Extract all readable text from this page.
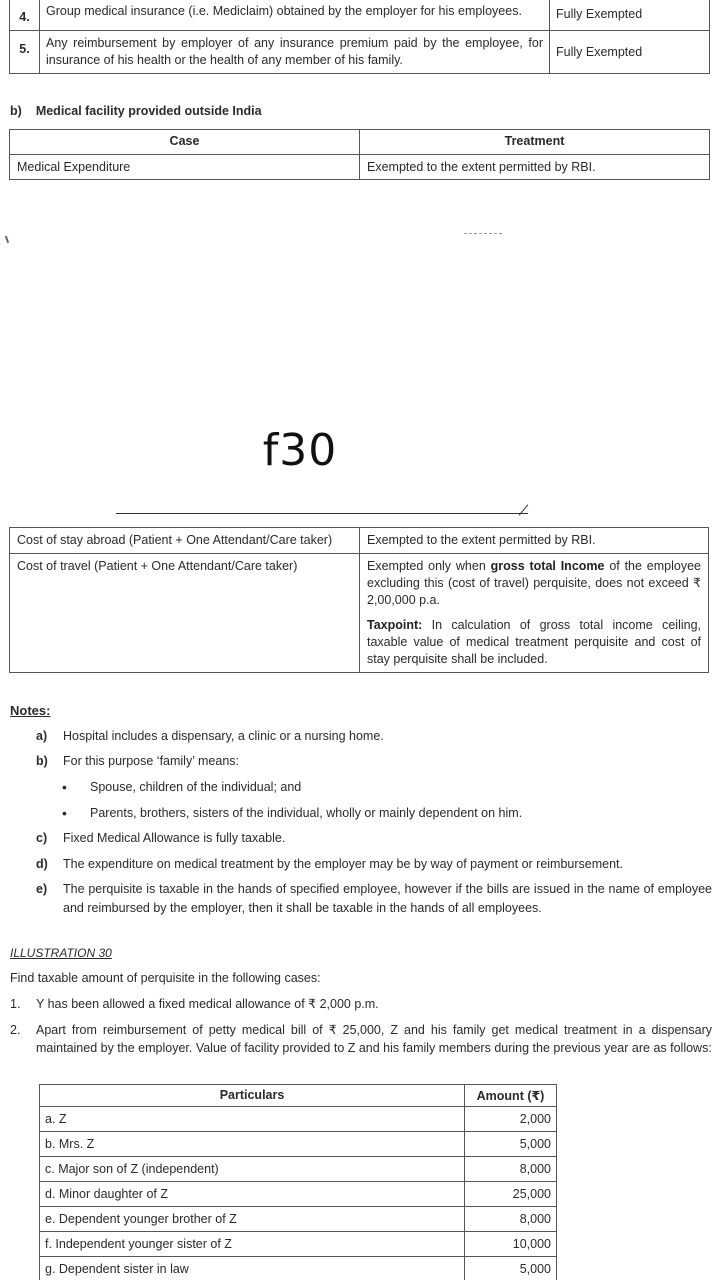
4.	Group medical insurance (i.e. Mediclaim) obtained by the employer for his employees.	Fully Exempted
5.	Any reimbursement by employer of any insurance premium paid by the employee, for insurance of his health or the health of any member of his family.	Fully Exempted
b) Medical facility provided outside India
Case	Treatment
Medical Expenditure	Exempted to the extent permitted by RBI.
f30
Cost of stay abroad (Patient + One Attendant/Care taker)	Exempted to the extent permitted by RBI.
Cost of travel (Patient + One Attendant/Care taker)	Exempted only when gross total Income of the employee excluding this (cost of travel) perquisite, does not exceed ₹ 2,00,000 p.a.
Taxpoint: In calculation of gross total income ceiling, taxable value of medical treatment perquisite and cost of stay perquisite shall be included.
Notes:
a)	Hospital includes a dispensary, a clinic or a nursing home.
b)	For this purpose ‘family’ means:
•	Spouse, children of the individual; and
•	Parents, brothers, sisters of the individual, wholly or mainly dependent on him.
c)	Fixed Medical Allowance is fully taxable.
d)	The expenditure on medical treatment by the employer may be by way of payment or reimbursement.
e)	The perquisite is taxable in the hands of specified employee, however if the bills are issued in the name of employee and reimbursed by the employer, then it shall be taxable in the hands of all employees.
ILLUSTRATION 30
Find taxable amount of perquisite in the following cases:
1.	Y has been allowed a fixed medical allowance of ₹ 2,000 p.m.
2.	Apart from reimbursement of petty medical bill of ₹ 25,000, Z and his family get medical treatment in a dispensary maintained by the employer. Value of facility provided to Z and his family members during the previous year are as follows:
Particulars	Amount (₹)
a. Z	2,000
b. Mrs. Z	5,000
c. Major son of Z (independent)	8,000
d. Minor daughter of Z	25,000
e. Dependent younger brother of Z	8,000
f. Independent younger sister of Z	10,000
g. Dependent sister in law	5,000
